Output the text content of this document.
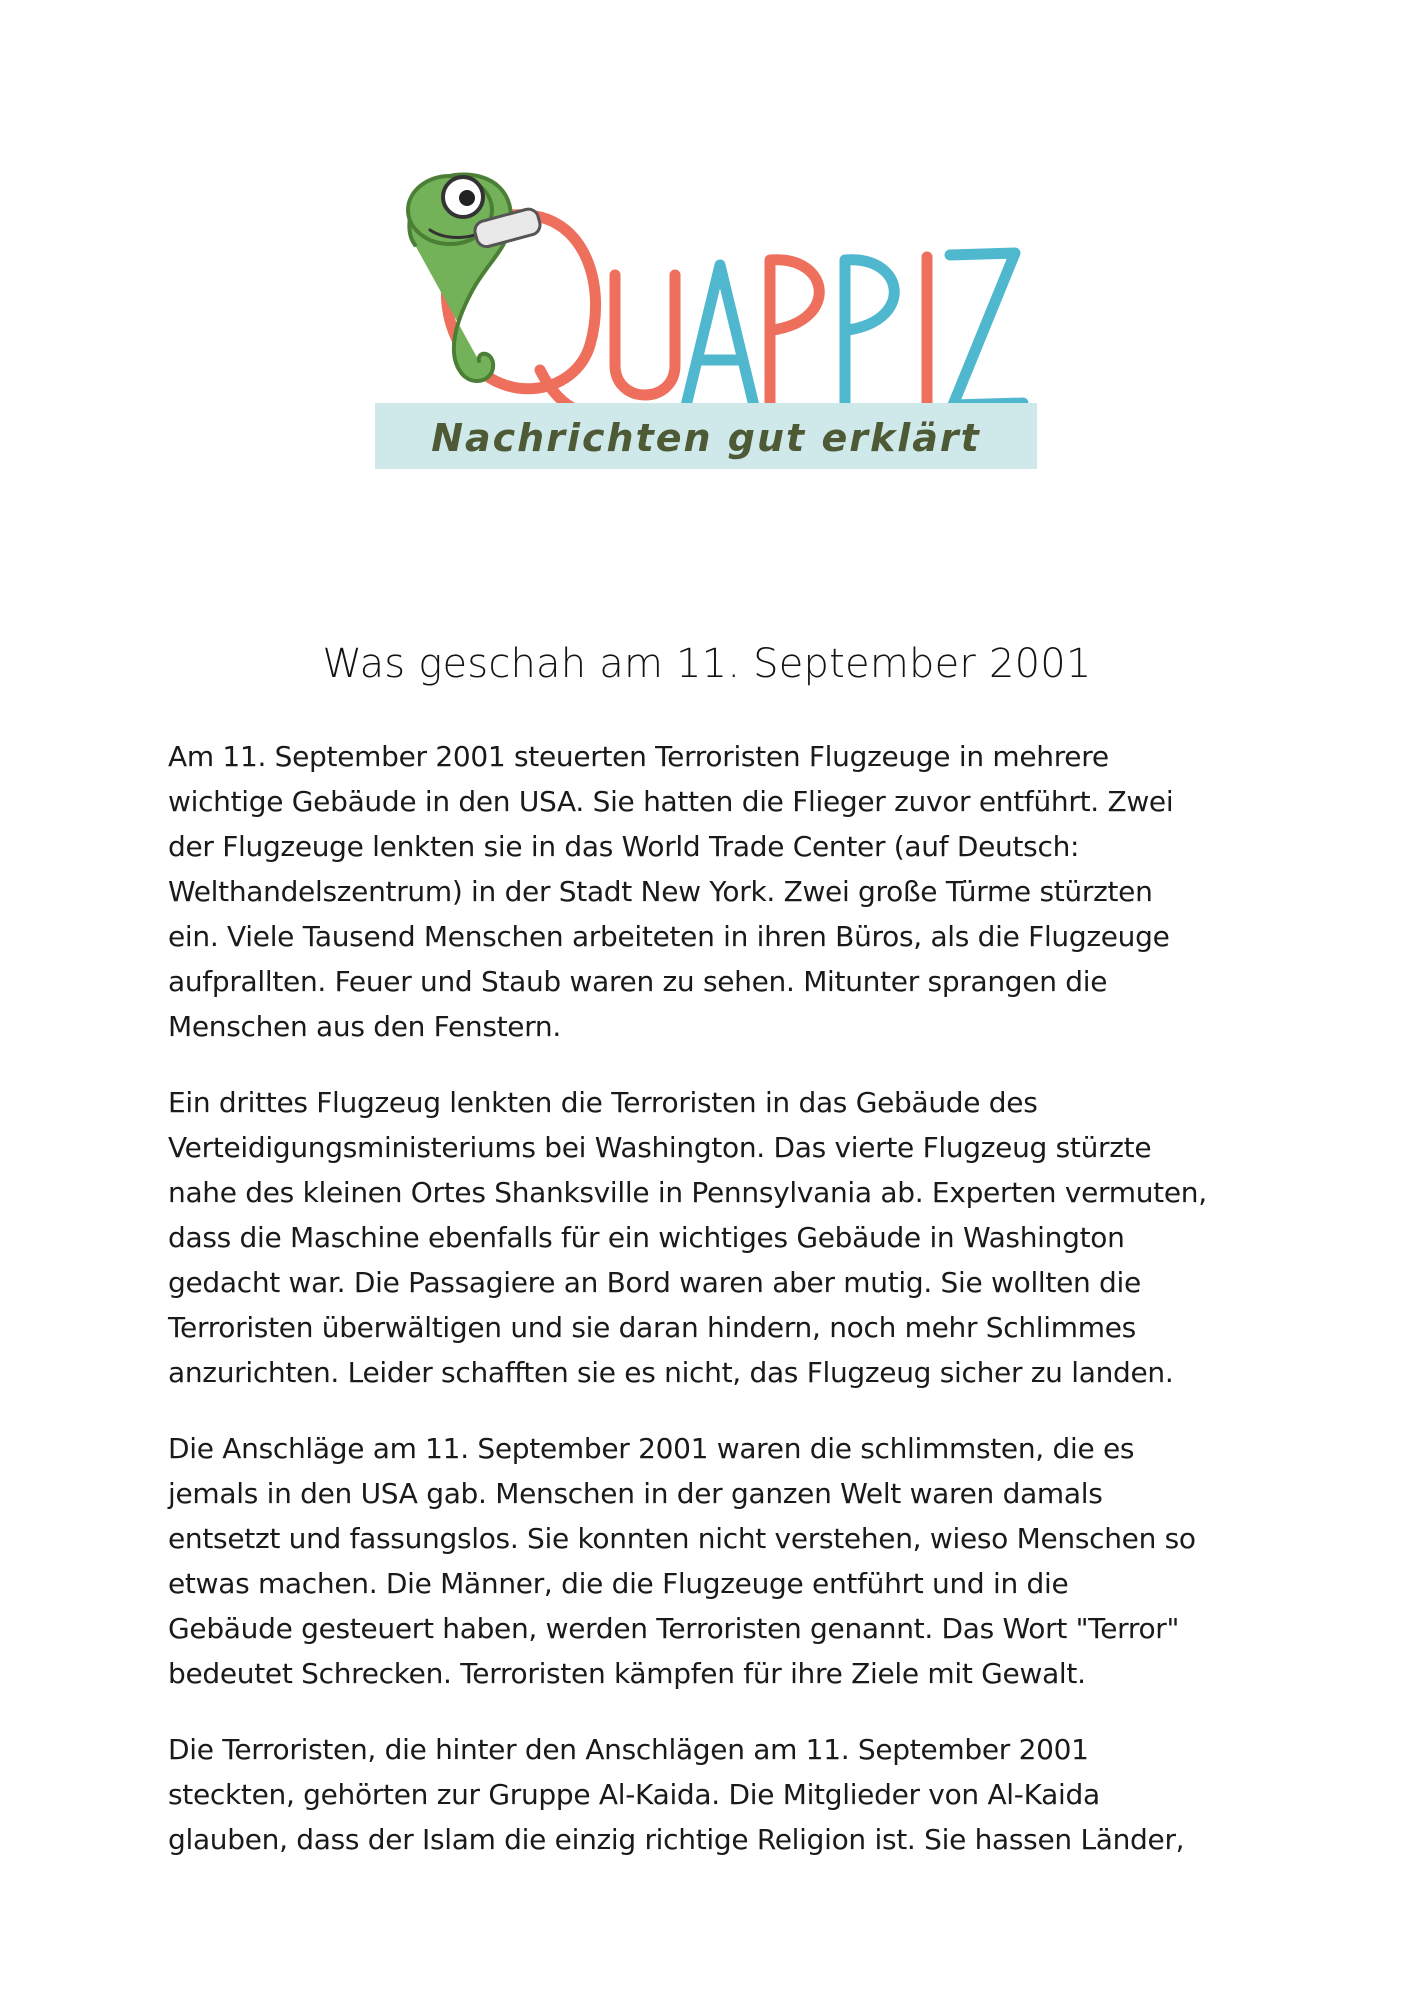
Nachrichten gut erklärt
Was geschah am 11. September 2001

Am 11. September 2001 steuerten Terroristen Flugzeuge in mehrere
wichtige Gebäude in den USA. Sie hatten die Flieger zuvor entführt. Zwei
der Flugzeuge lenkten sie in das World Trade Center (auf Deutsch:
Welthandelszentrum) in der Stadt New York. Zwei große Türme stürzten
ein. Viele Tausend Menschen arbeiteten in ihren Büros, als die Flugzeuge
aufprallten. Feuer und Staub waren zu sehen. Mitunter sprangen die
Menschen aus den Fenstern.

Ein drittes Flugzeug lenkten die Terroristen in das Gebäude des
Verteidigungsministeriums bei Washington. Das vierte Flugzeug stürzte
nahe des kleinen Ortes Shanksville in Pennsylvania ab. Experten vermuten,
dass die Maschine ebenfalls für ein wichtiges Gebäude in Washington
gedacht war. Die Passagiere an Bord waren aber mutig. Sie wollten die
Terroristen überwältigen und sie daran hindern, noch mehr Schlimmes
anzurichten. Leider schafften sie es nicht, das Flugzeug sicher zu landen.

Die Anschläge am 11. September 2001 waren die schlimmsten, die es
jemals in den USA gab. Menschen in der ganzen Welt waren damals
entsetzt und fassungslos. Sie konnten nicht verstehen, wieso Menschen so
etwas machen. Die Männer, die die Flugzeuge entführt und in die
Gebäude gesteuert haben, werden Terroristen genannt. Das Wort "Terror"
bedeutet Schrecken. Terroristen kämpfen für ihre Ziele mit Gewalt.

Die Terroristen, die hinter den Anschlägen am 11. September 2001
steckten, gehörten zur Gruppe Al-Kaida. Die Mitglieder von Al-Kaida
glauben, dass der Islam die einzig richtige Religion ist. Sie hassen Länder,
